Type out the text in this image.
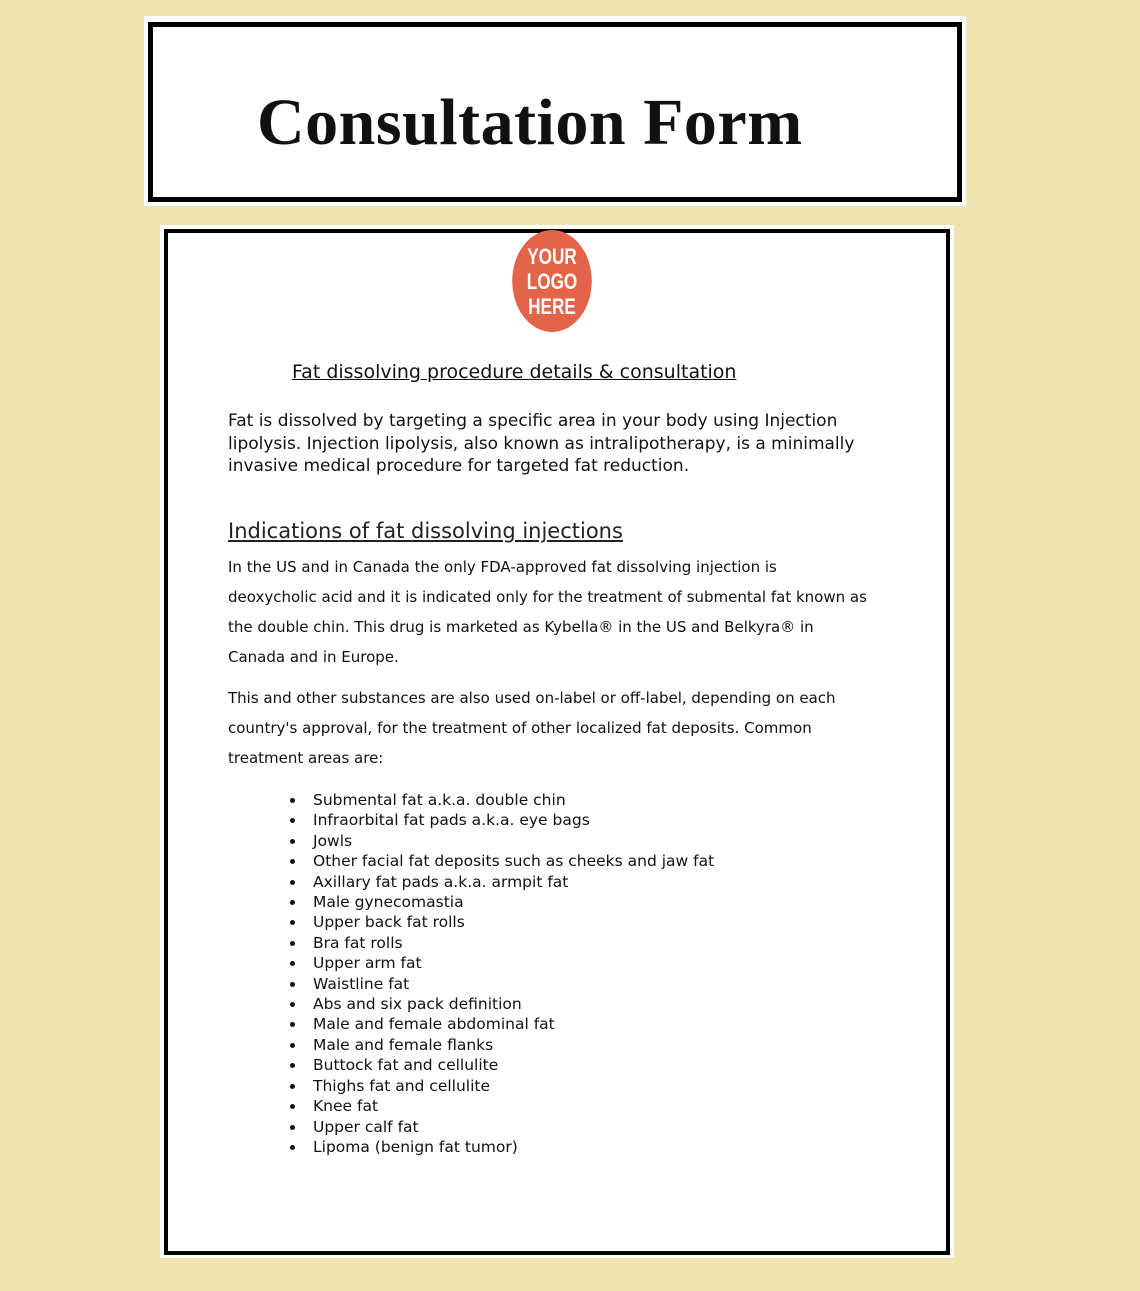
Consultation Form
YOUR
LOGO
HERE
Fat dissolving procedure details & consultation
Fat is dissolved by targeting a specific area in your body using Injection
lipolysis. Injection lipolysis, also known as intralipotherapy, is a minimally
invasive medical procedure for targeted fat reduction.
Indications of fat dissolving injections
In the US and in Canada the only FDA-approved fat dissolving injection is
deoxycholic acid and it is indicated only for the treatment of submental fat known as
the double chin. This drug is marketed as Kybella® in the US and Belkyra® in
Canada and in Europe.
This and other substances are also used on-label or off-label, depending on each
country's approval, for the treatment of other localized fat deposits. Common
treatment areas are:
Submental fat a.k.a. double chin
Infraorbital fat pads a.k.a. eye bags
Jowls
Other facial fat deposits such as cheeks and jaw fat
Axillary fat pads a.k.a. armpit fat
Male gynecomastia
Upper back fat rolls
Bra fat rolls
Upper arm fat
Waistline fat
Abs and six pack definition
Male and female abdominal fat
Male and female flanks
Buttock fat and cellulite
Thighs fat and cellulite
Knee fat
Upper calf fat
Lipoma (benign fat tumor)
